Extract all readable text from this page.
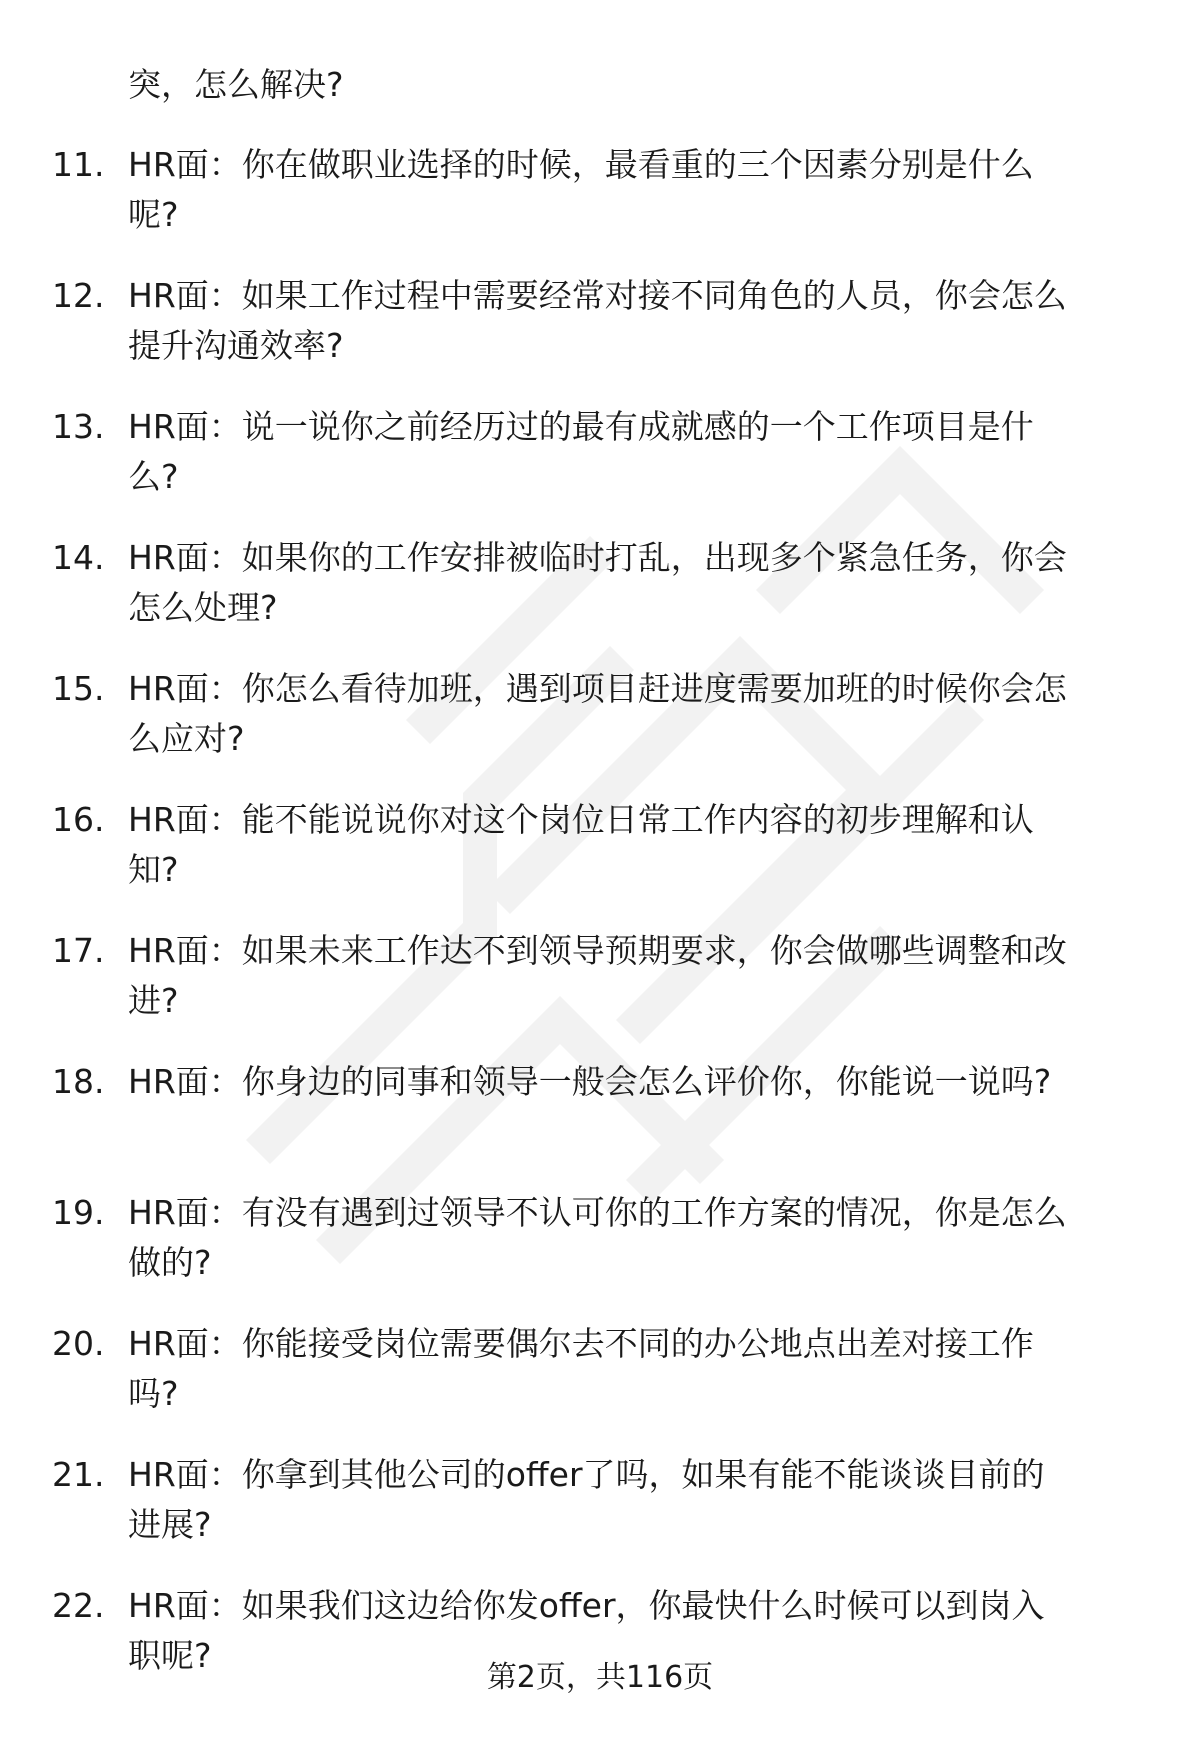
突，怎么解决?
11. HR面：你在做职业选择的时候，最看重的三个因素分别是什么
呢?
12. HR面：如果工作过程中需要经常对接不同角色的人员，你会怎么
提升沟通效率?
13. HR面：说一说你之前经历过的最有成就感的一个工作项目是什
么?
14. HR面：如果你的工作安排被临时打乱，出现多个紧急任务，你会
怎么处理?
15. HR面：你怎么看待加班，遇到项目赶进度需要加班的时候你会怎
么应对?
16. HR面：能不能说说你对这个岗位日常工作内容的初步理解和认
知?
17. HR面：如果未来工作达不到领导预期要求，你会做哪些调整和改
进?
18. HR面：你身边的同事和领导一般会怎么评价你，你能说一说吗?
19. HR面：有没有遇到过领导不认可你的工作方案的情况，你是怎么
做的?
20. HR面：你能接受岗位需要偶尔去不同的办公地点出差对接工作
吗?
21. HR面：你拿到其他公司的offer了吗，如果有能不能谈谈目前的
进展?
22. HR面：如果我们这边给你发offer，你最快什么时候可以到岗入
职呢?
第2页，共116页
